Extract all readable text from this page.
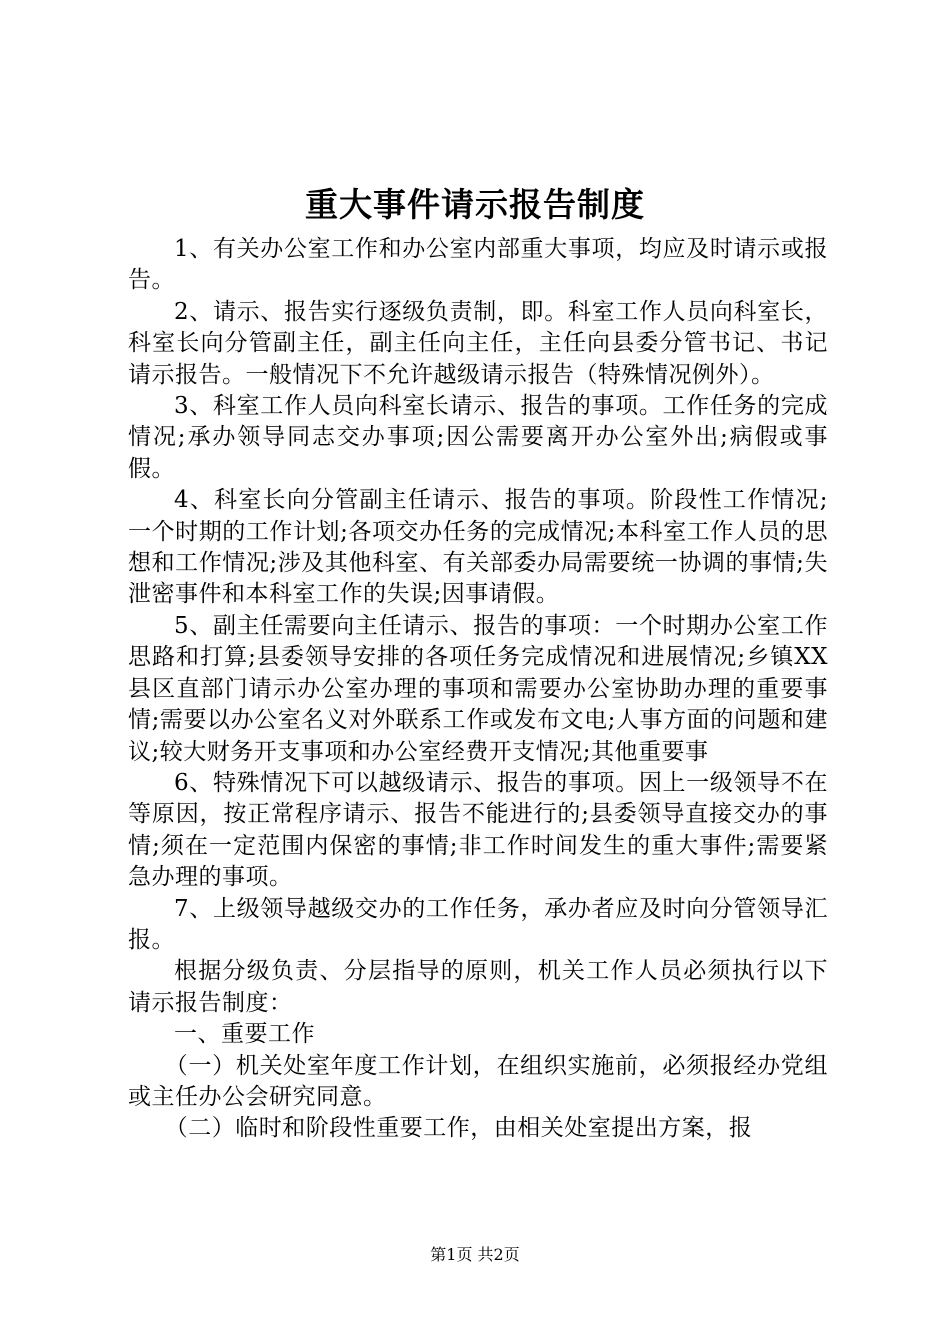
重大事件请示报告制度

1、有关办公室工作和办公室内部重大事项，均应及时请示或报告。

2、请示、报告实行逐级负责制，即。科室工作人员向科室长，科室长向分管副主任，副主任向主任，主任向县委分管书记、书记请示报告。一般情况下不允许越级请示报告（特殊情况例外）。

3、科室工作人员向科室长请示、报告的事项。工作任务的完成情况;承办领导同志交办事项;因公需要离开办公室外出;病假或事假。

4、科室长向分管副主任请示、报告的事项。阶段性工作情况;一个时期的工作计划;各项交办任务的完成情况;本科室工作人员的思想和工作情况;涉及其他科室、有关部委办局需要统一协调的事情;失泄密事件和本科室工作的失误;因事请假。

5、副主任需要向主任请示、报告的事项：一个时期办公室工作思路和打算;县委领导安排的各项任务完成情况和进展情况;乡镇XX县区直部门请示办公室办理的事项和需要办公室协助办理的重要事情;需要以办公室名义对外联系工作或发布文电;人事方面的问题和建议;较大财务开支事项和办公室经费开支情况;其他重要事

6、特殊情况下可以越级请示、报告的事项。因上一级领导不在等原因，按正常程序请示、报告不能进行的;县委领导直接交办的事情;须在一定范围内保密的事情;非工作时间发生的重大事件;需要紧急办理的事项。

7、上级领导越级交办的工作任务，承办者应及时向分管领导汇报。

根据分级负责、分层指导的原则，机关工作人员必须执行以下请示报告制度：

一、重要工作

（一）机关处室年度工作计划，在组织实施前，必须报经办党组或主任办公会研究同意。

（二）临时和阶段性重要工作，由相关处室提出方案，报

第1页 共2页
